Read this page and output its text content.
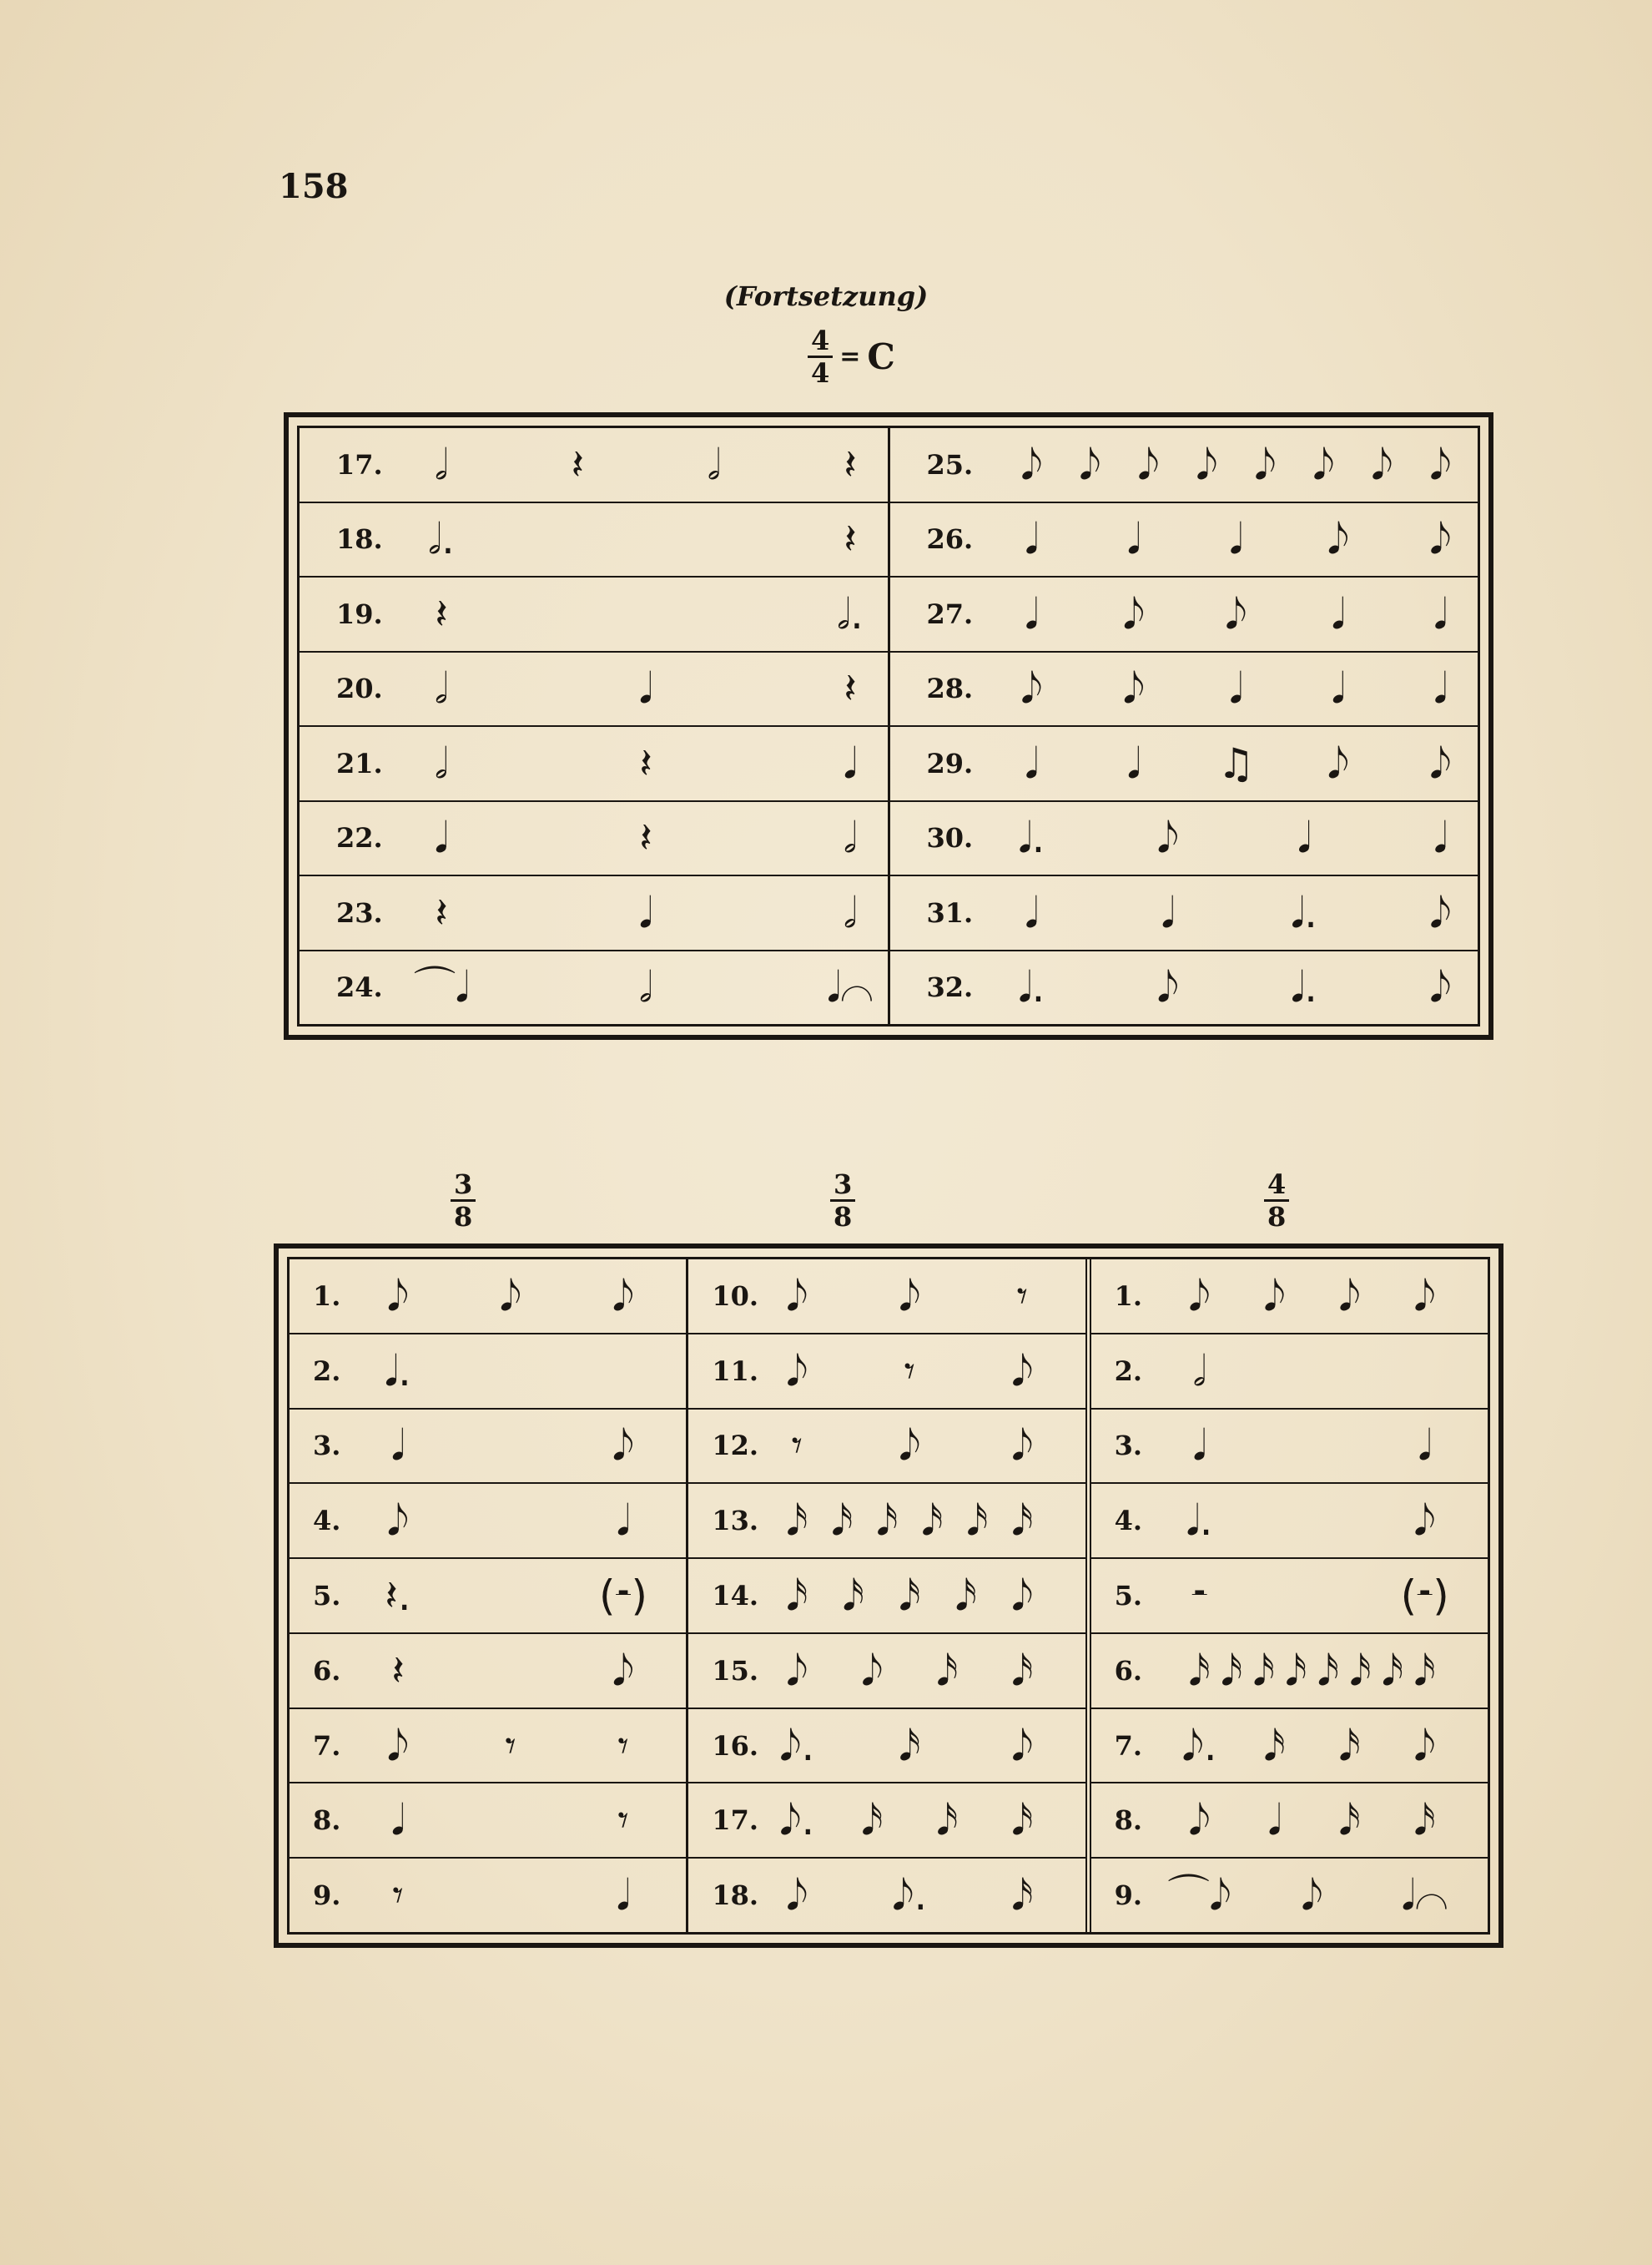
158
(Fortsetzung)
$\frac{4}{4} = C$
17. 𝅗𝅥	𝄽	𝅗𝅥	𝄽
18. 𝅗𝅥.	𝄽
19. 𝄽	𝅗𝅥.
20. 𝅗𝅥	𝅘𝅥	𝄽
21. 𝅗𝅥	𝄽	𝅘𝅥
22. 𝅘𝅥	𝄽	𝅗𝅥
23. 𝄽	𝅘𝅥	𝅗𝅥
24. ⌒𝅘𝅥	𝅗𝅥	𝅘𝅥⌒
25. 𝅘𝅥𝅮 𝅘𝅥𝅮 𝅘𝅥𝅮 𝅘𝅥𝅮 𝅘𝅥𝅮 𝅘𝅥𝅮 𝅘𝅥𝅮 𝅘𝅥𝅮
26. 𝅘𝅥 𝅘𝅥 𝅘𝅥 𝅘𝅥𝅮 𝅘𝅥𝅮
27. 𝅘𝅥 𝅘𝅥𝅮 𝅘𝅥𝅮 𝅘𝅥 𝅘𝅥
28. 𝅘𝅥𝅮 𝅘𝅥𝅮 𝅘𝅥 𝅘𝅥 𝅘𝅥
29. 𝅘𝅥 𝅘𝅥 ♫ 𝅘𝅥𝅮 𝅘𝅥𝅮
30. 𝅘𝅥.	𝅘𝅥𝅮	𝅘𝅥	𝅘𝅥
31. 𝅘𝅥	𝅘𝅥	𝅘𝅥.	𝅘𝅥𝅮
32. 𝅘𝅥.	𝅘𝅥𝅮	𝅘𝅥.	𝅘𝅥𝅮
$\frac{3}{8}$	$\frac{3}{8}$	$\frac{4}{8}$
1. 𝅘𝅥𝅮 𝅘𝅥𝅮 𝅘𝅥𝅮
2. 𝅘𝅥.
3. 𝅘𝅥	𝅘𝅥𝅮
4. 𝅘𝅥𝅮	𝅘𝅥
5. 𝄽.	(𝄼)
6. 𝄽	𝅘𝅥𝅮
7. 𝅘𝅥𝅮 𝄾 𝄾
8. 𝅘𝅥	𝄾
9. 𝄾	𝅘𝅥
10. 𝅘𝅥𝅮 𝅘𝅥𝅮 𝄾
11. 𝅘𝅥𝅮 𝄾 𝅘𝅥𝅮
12. 𝄾 𝅘𝅥𝅮 𝅘𝅥𝅮
13. 𝅘𝅥𝅯 𝅘𝅥𝅯 𝅘𝅥𝅯 𝅘𝅥𝅯 𝅘𝅥𝅯 𝅘𝅥𝅯
14. 𝅘𝅥𝅯 𝅘𝅥𝅯 𝅘𝅥𝅯 𝅘𝅥𝅯 𝅘𝅥𝅮
15. 𝅘𝅥𝅮 𝅘𝅥𝅮 𝅘𝅥𝅯 𝅘𝅥𝅯
16. 𝅘𝅥𝅮. 𝅘𝅥𝅯 𝅘𝅥𝅮
17. 𝅘𝅥𝅮. 𝅘𝅥𝅯 𝅘𝅥𝅯 𝅘𝅥𝅯
18. 𝅘𝅥𝅮 𝅘𝅥𝅮. 𝅘𝅥𝅯
1. 𝅘𝅥𝅮 𝅘𝅥𝅮 𝅘𝅥𝅮 𝅘𝅥𝅮
2. 𝅗𝅥
3. 𝅘𝅥	𝅘𝅥
4. 𝅘𝅥.	𝅘𝅥𝅮
5. 𝄼	(𝄼)
6. 𝅘𝅥𝅯 𝅘𝅥𝅯 𝅘𝅥𝅯 𝅘𝅥𝅯 𝅘𝅥𝅯 𝅘𝅥𝅯 𝅘𝅥𝅯 𝅘𝅥𝅯
7. 𝅘𝅥𝅮. 𝅘𝅥𝅯 𝅘𝅥𝅯 𝅘𝅥𝅮
8. 𝅘𝅥𝅮 𝅘𝅥 𝅘𝅥𝅯 𝅘𝅥𝅯
9. ⌒𝅘𝅥𝅮 𝅘𝅥𝅮 𝅘𝅥⌒
